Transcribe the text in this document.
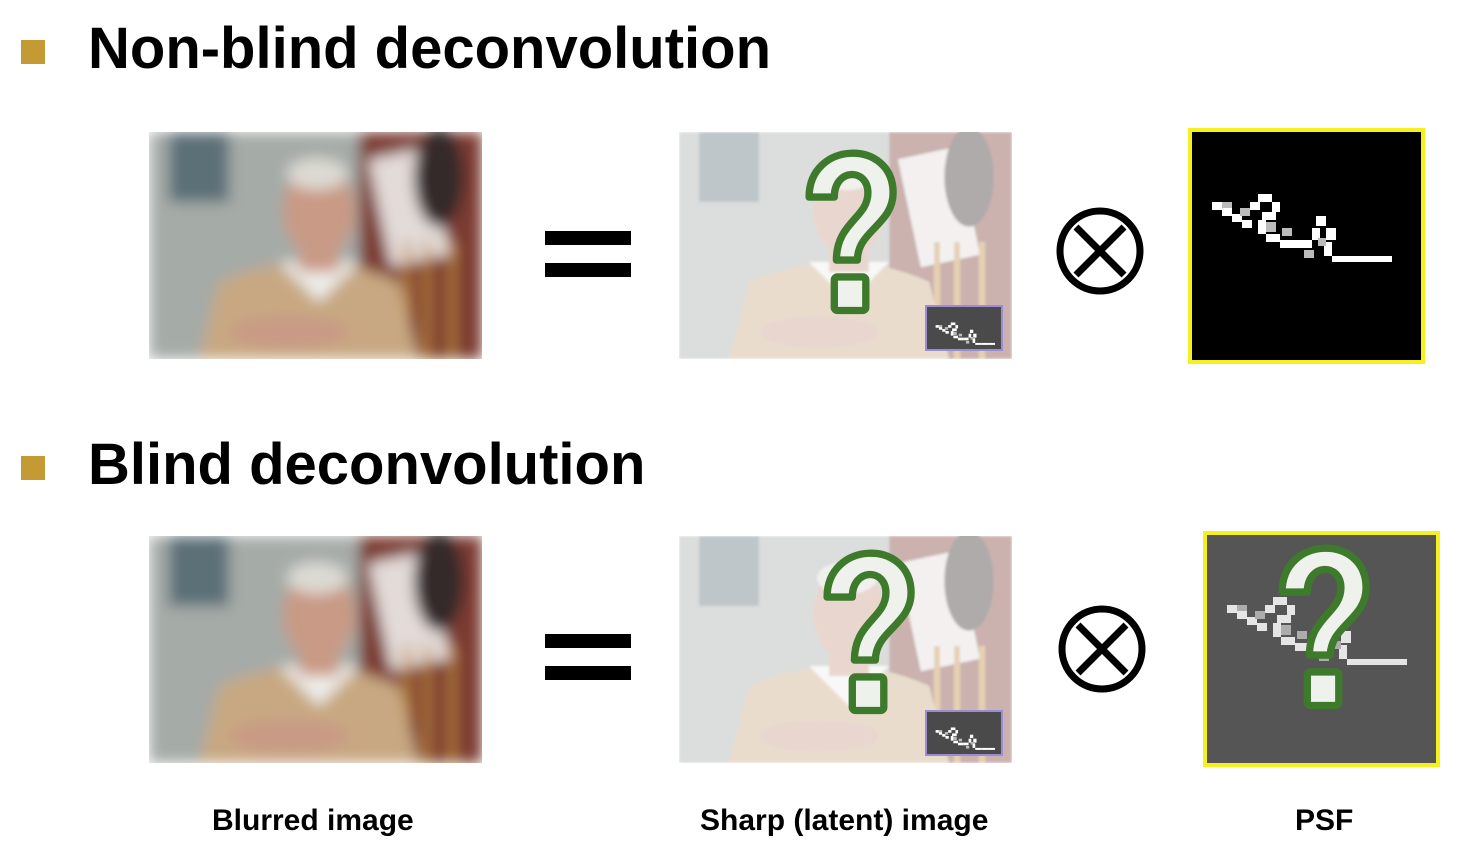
Non-blind deconvolution
Blind deconvolution
Blurred image	Sharp (latent) image	PSF
